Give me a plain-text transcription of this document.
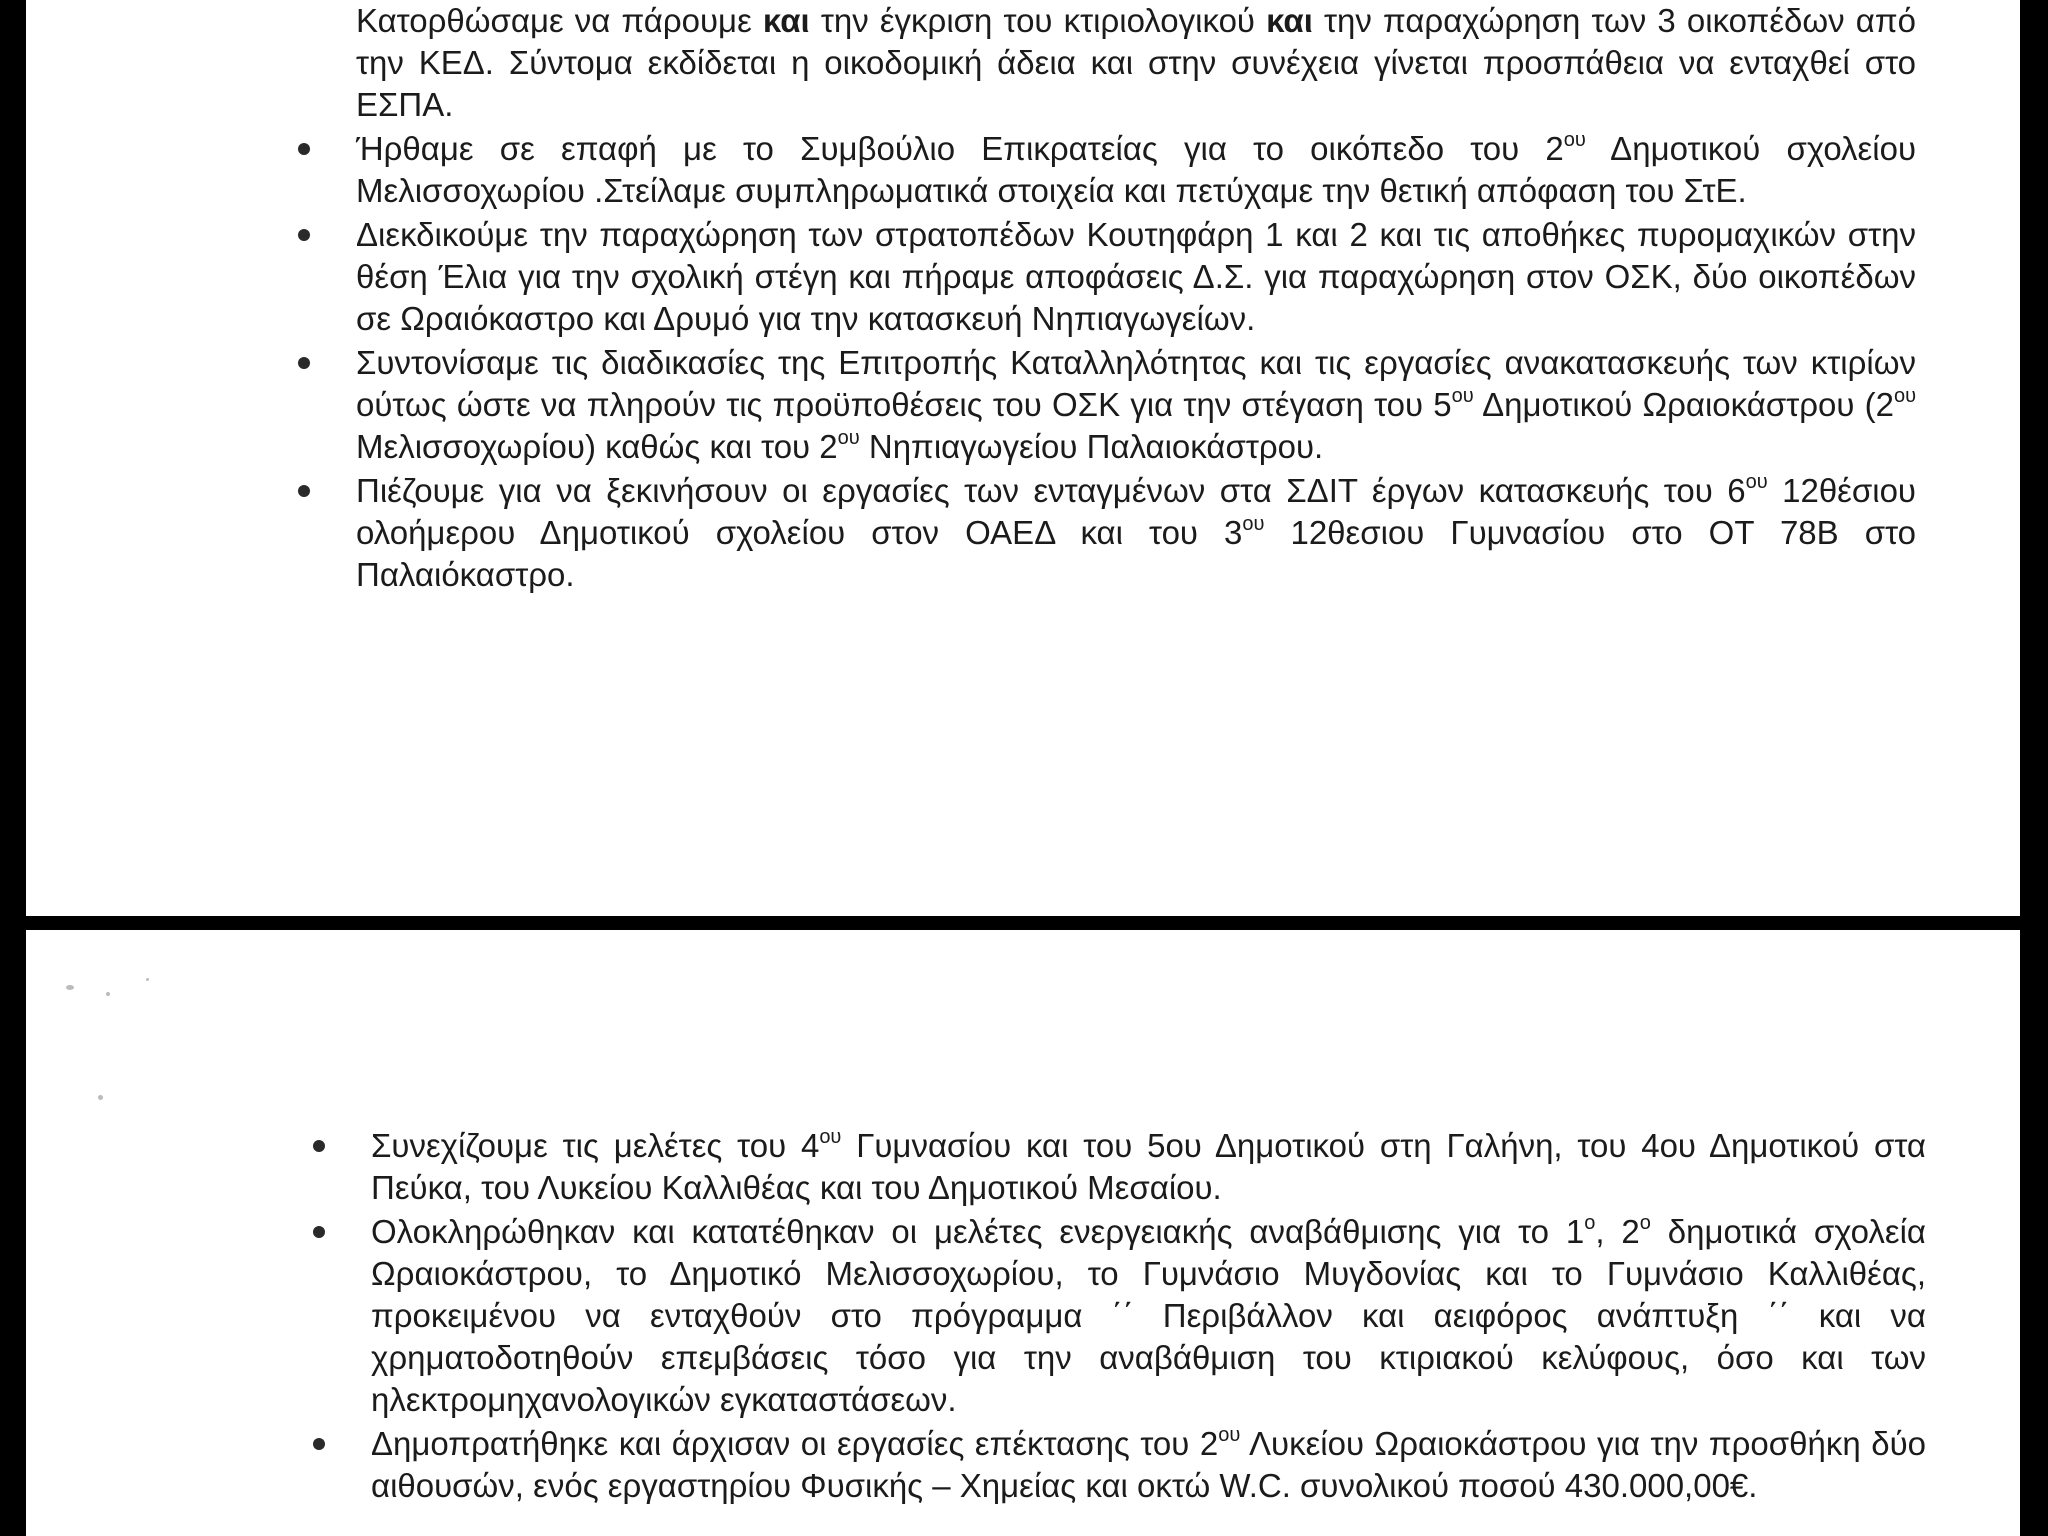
Κατορθώσαμε να πάρουμε και την έγκριση του κτιριολογικού και την παραχώρηση των 3 οικοπέδων από την ΚΕΔ. Σύντομα εκδίδεται η οικοδομική άδεια και στην συνέχεια γίνεται προσπάθεια να ενταχθεί στο ΕΣΠΑ.

Ήρθαμε σε επαφή με το Συμβούλιο Επικρατείας για το οικόπεδο του $2^{o\upsilon}$ Δημοτικού σχολείου Μελισσοχωρίου .Στείλαμε συμπληρωματικά στοιχεία και πετύχαμε την θετική απόφαση του ΣτΕ.
Διεκδικούμε την παραχώρηση των στρατοπέδων Κουτηφάρη 1 και 2 και τις αποθήκες πυρομαχικών στην θέση Έλια για την σχολική στέγη και πήραμε αποφάσεις Δ.Σ. για παραχώρηση στον ΟΣΚ, δύο οικοπέδων σε Ωραιόκαστρο και Δρυμό για την κατασκευή Νηπιαγωγείων.
Συντονίσαμε τις διαδικασίες της Επιτροπής Καταλληλότητας και τις εργασίες ανακατασκευής των κτιρίων ούτως ώστε να πληρούν τις προϋποθέσεις του ΟΣΚ για την στέγαση του $5^{o\upsilon}$ Δημοτικού Ωραιοκάστρου ($2^{o\upsilon}$ Μελισσοχωρίου) καθώς και του $2^{o\upsilon}$ Νηπιαγωγείου Παλαιοκάστρου.
Πιέζουμε για να ξεκινήσουν οι εργασίες των ενταγμένων στα ΣΔΙΤ έργων κατασκευής του $6^{o\upsilon}$ 12θέσιου ολοήμερου Δημοτικού σχολείου στον ΟΑΕΔ και του $3^{o\upsilon}$ 12θεσιου Γυμνασίου στο ΟΤ 78Β στο Παλαιόκαστρο.
Συνεχίζουμε τις μελέτες του $4^{o\upsilon}$ Γυμνασίου και του 5ου Δημοτικού στη Γαλήνη, του 4ου Δημοτικού στα Πεύκα, του Λυκείου Καλλιθέας και του Δημοτικού Μεσαίου.
Ολοκληρώθηκαν και κατατέθηκαν οι μελέτες ενεργειακής αναβάθμισης για το $1^o$, $2^o$ δημοτικά σχολεία Ωραιοκάστρου, το Δημοτικό Μελισσοχωρίου, το Γυμνάσιο Μυγδονίας και το Γυμνάσιο Καλλιθέας, προκειμένου να ενταχθούν στο πρόγραμμα ΄΄ Περιβάλλον και αειφόρος ανάπτυξη ΄΄ και να χρηματοδοτηθούν επεμβάσεις τόσο για την αναβάθμιση του κτιριακού κελύφους, όσο και των ηλεκτρομηχανολογικών εγκαταστάσεων.
Δημοπρατήθηκε και άρχισαν οι εργασίες επέκτασης του $2^{o\upsilon}$ Λυκείου Ωραιοκάστρου για την προσθήκη δύο αιθουσών, ενός εργαστηρίου Φυσικής – Χημείας και οκτώ W.C. συνολικού ποσού 430.000,00€.
